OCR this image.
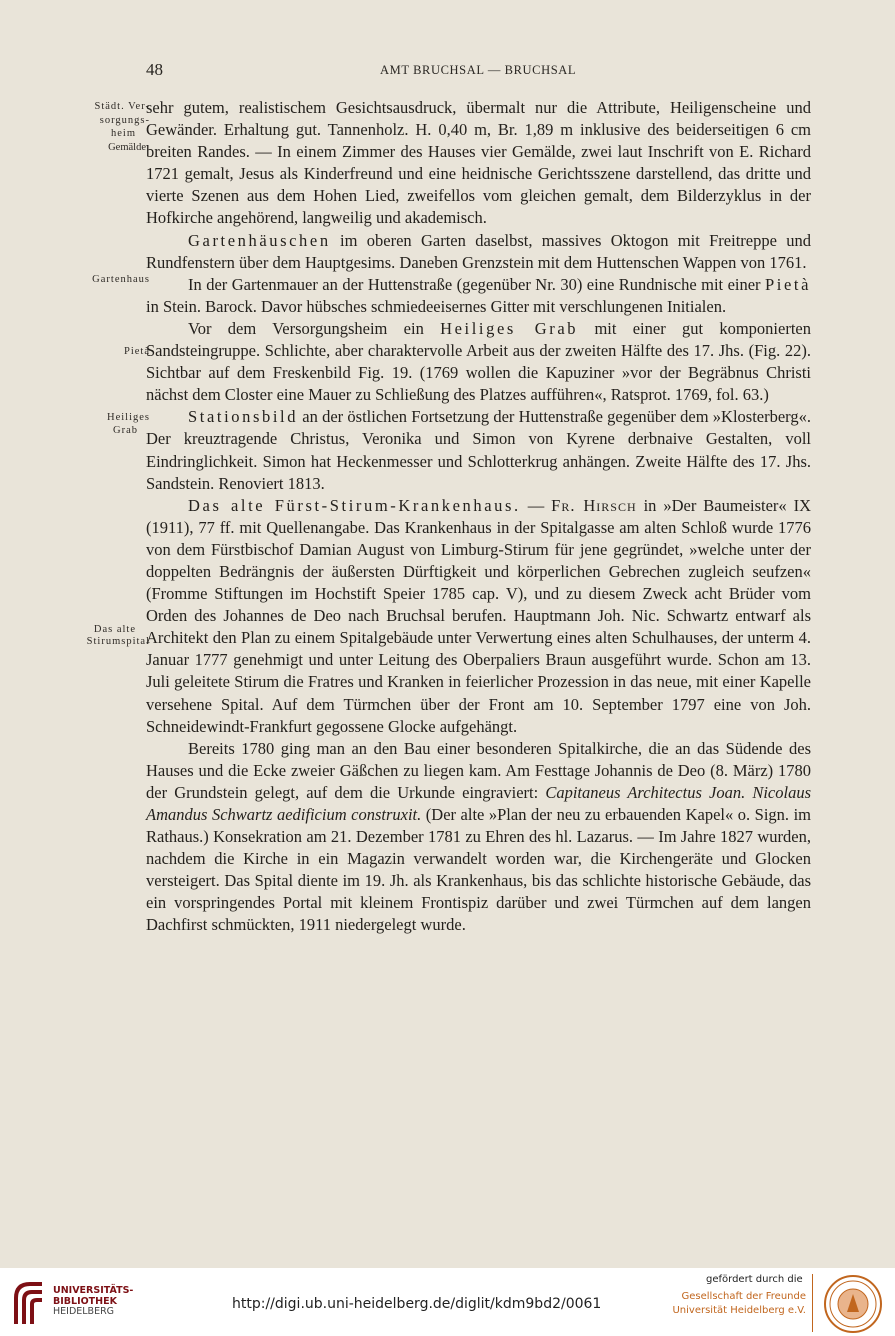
48	AMT BRUCHSAL — BRUCHSAL
Städt. Ver-
sorgungs-
heim
Gemälde
Gartenhaus
Pietà
Heiliges
Grab
Das alte
Stirumspital

sehr gutem, realistischem Gesichtsausdruck, übermalt nur die Attribute, Heiligenscheine und Gewänder. Erhaltung gut. Tannenholz. H. 0,40 m, Br. 1,89 m inklusive des beiderseitigen 6 cm breiten Randes. — In einem Zimmer des Hauses vier Gemälde, zwei laut Inschrift von E. Richard 1721 gemalt, Jesus als Kinderfreund und eine heidnische Gerichtsszene darstellend, das dritte und vierte Szenen aus dem Hohen Lied, zweifellos vom gleichen gemalt, dem Bilderzyklus in der Hofkirche angehörend, langweilig und akademisch.

Gartenhäuschen im oberen Garten daselbst, massives Oktogon mit Freitreppe und Rundfenstern über dem Hauptgesims. Daneben Grenzstein mit dem Huttenschen Wappen von 1761.

In der Gartenmauer an der Huttenstraße (gegenüber Nr. 30) eine Rundnische mit einer Pietà in Stein. Barock. Davor hübsches schmiedeeisernes Gitter mit verschlungenen Initialen.

Vor dem Versorgungsheim ein Heiliges Grab mit einer gut komponierten Sandsteingruppe. Schlichte, aber charaktervolle Arbeit aus der zweiten Hälfte des 17. Jhs. (Fig. 22). Sichtbar auf dem Freskenbild Fig. 19. (1769 wollen die Kapuziner »vor der Begräbnus Christi nächst dem Closter eine Mauer zu Schließung des Platzes aufführen«, Ratsprot. 1769, fol. 63.)

Stationsbild an der östlichen Fortsetzung der Huttenstraße gegenüber dem »Klosterberg«. Der kreuztragende Christus, Veronika und Simon von Kyrene derbnaive Gestalten, voll Eindringlichkeit. Simon hat Heckenmesser und Schlotterkrug anhängen. Zweite Hälfte des 17. Jhs. Sandstein. Renoviert 1813.

Das alte Fürst-Stirum-Krankenhaus. — Fr. Hirsch in »Der Baumeister« IX (1911), 77 ff. mit Quellenangabe. Das Krankenhaus in der Spitalgasse am alten Schloß wurde 1776 von dem Fürstbischof Damian August von Limburg-Stirum für jene gegründet, »welche unter der doppelten Bedrängnis der äußersten Dürftigkeit und körperlichen Gebrechen zugleich seufzen« (Fromme Stiftungen im Hochstift Speier 1785 cap. V), und zu diesem Zweck acht Brüder vom Orden des Johannes de Deo nach Bruchsal berufen. Hauptmann Joh. Nic. Schwartz entwarf als Architekt den Plan zu einem Spitalgebäude unter Verwertung eines alten Schulhauses, der unterm 4. Januar 1777 genehmigt und unter Leitung des Oberpaliers Braun ausgeführt wurde. Schon am 13. Juli geleitete Stirum die Fratres und Kranken in feierlicher Prozession in das neue, mit einer Kapelle versehene Spital. Auf dem Türmchen über der Front am 10. September 1797 eine von Joh. Schneidewindt-Frankfurt gegossene Glocke aufgehängt.

Bereits 1780 ging man an den Bau einer besonderen Spitalkirche, die an das Südende des Hauses und die Ecke zweier Gäßchen zu liegen kam. Am Festtage Johannis de Deo (8. März) 1780 der Grundstein gelegt, auf dem die Urkunde eingraviert: Capitaneus Architectus Joan. Nicolaus Amandus Schwartz aedificium construxit. (Der alte »Plan der neu zu erbauenden Kapel« o. Sign. im Rathaus.) Konsekration am 21. Dezember 1781 zu Ehren des hl. Lazarus. — Im Jahre 1827 wurden, nachdem die Kirche in ein Magazin verwandelt worden war, die Kirchengeräte und Glocken versteigert. Das Spital diente im 19. Jh. als Krankenhaus, bis das schlichte historische Gebäude, das ein vorspringendes Portal mit kleinem Frontispiz darüber und zwei Türmchen auf dem langen Dachfirst schmückten, 1911 niedergelegt wurde.

UNIVERSITÄTS-
BIBLIOTHEK
HEIDELBERG	http://digi.ub.uni-heidelberg.de/diglit/kdm9bd2/0061
gefördert durch die
Gesellschaft der Freunde
Universität Heidelberg e.V.
